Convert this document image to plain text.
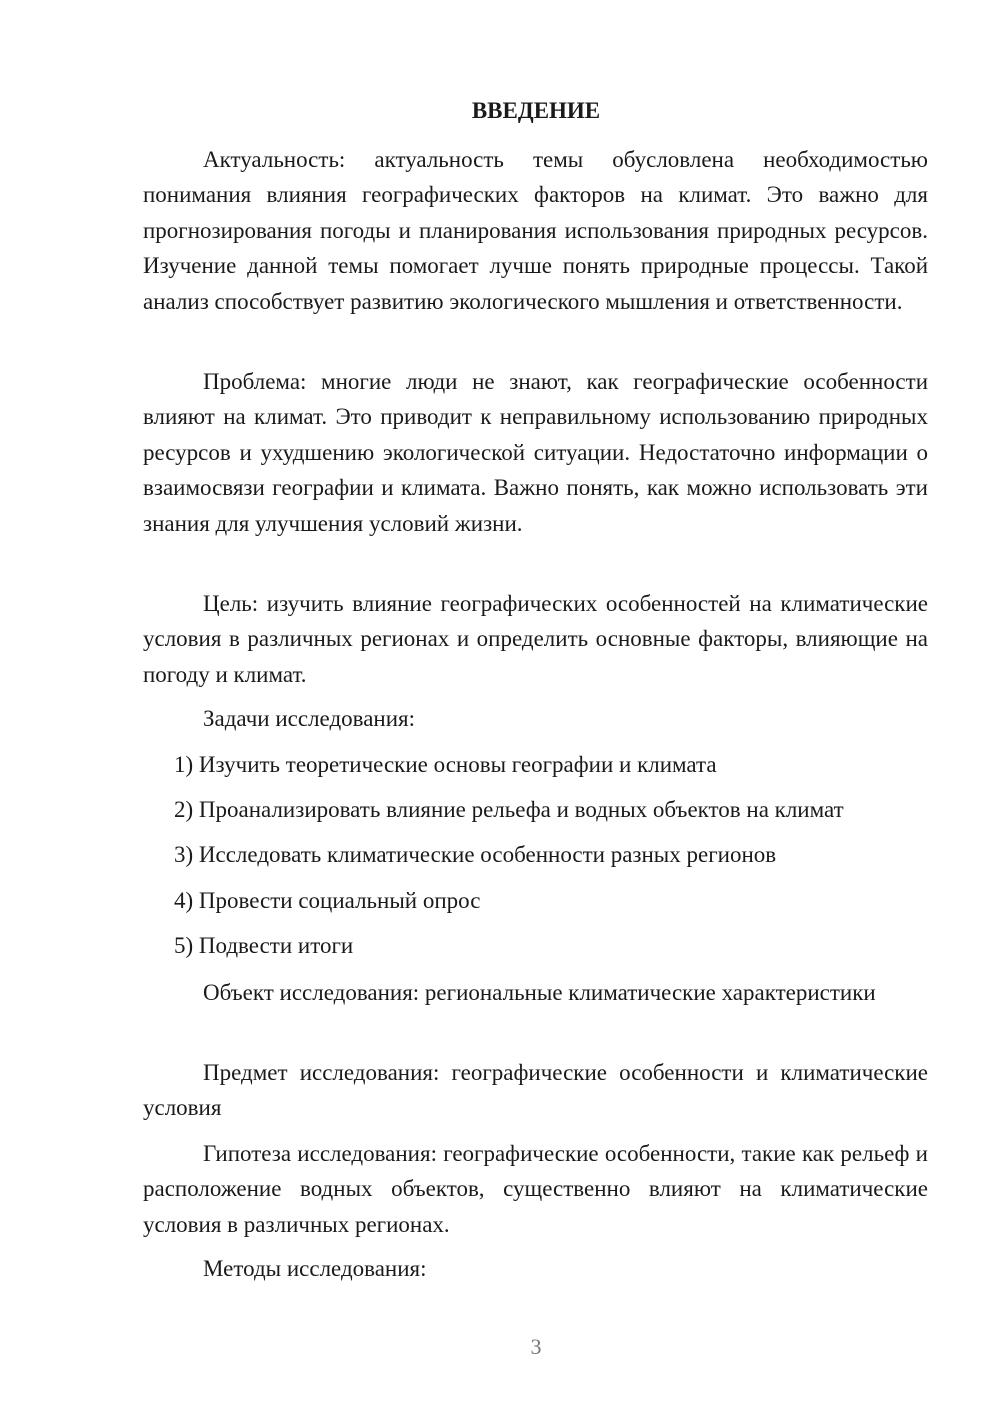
ВВЕДЕНИЕ

Актуальность: актуальность темы обусловлена необходимостью понимания влияния географических факторов на климат. Это важно для прогнозирования погоды и планирования использования природных ресурсов. Изучение данной темы помогает лучше понять природные процессы. Такой анализ способствует развитию экологического мышления и ответственности.

Проблема: многие люди не знают, как географические особенности влияют на климат. Это приводит к неправильному использованию природных ресурсов и ухудшению экологической ситуации. Недостаточно информации о взаимосвязи географии и климата. Важно понять, как можно использовать эти знания для улучшения условий жизни.

Цель: изучить влияние географических особенностей на климатические условия в различных регионах и определить основные факторы, влияющие на погоду и климат.

Задачи исследования:

1) Изучить теоретические основы географии и климата

2) Проанализировать влияние рельефа и водных объектов на климат

3) Исследовать климатические особенности разных регионов

4) Провести социальный опрос

5) Подвести итоги

Объект исследования: региональные климатические характеристики

Предмет исследования: географические особенности и климатические условия

Гипотеза исследования: географические особенности, такие как рельеф и расположение водных объектов, существенно влияют на климатические условия в различных регионах.

Методы исследования:

3
